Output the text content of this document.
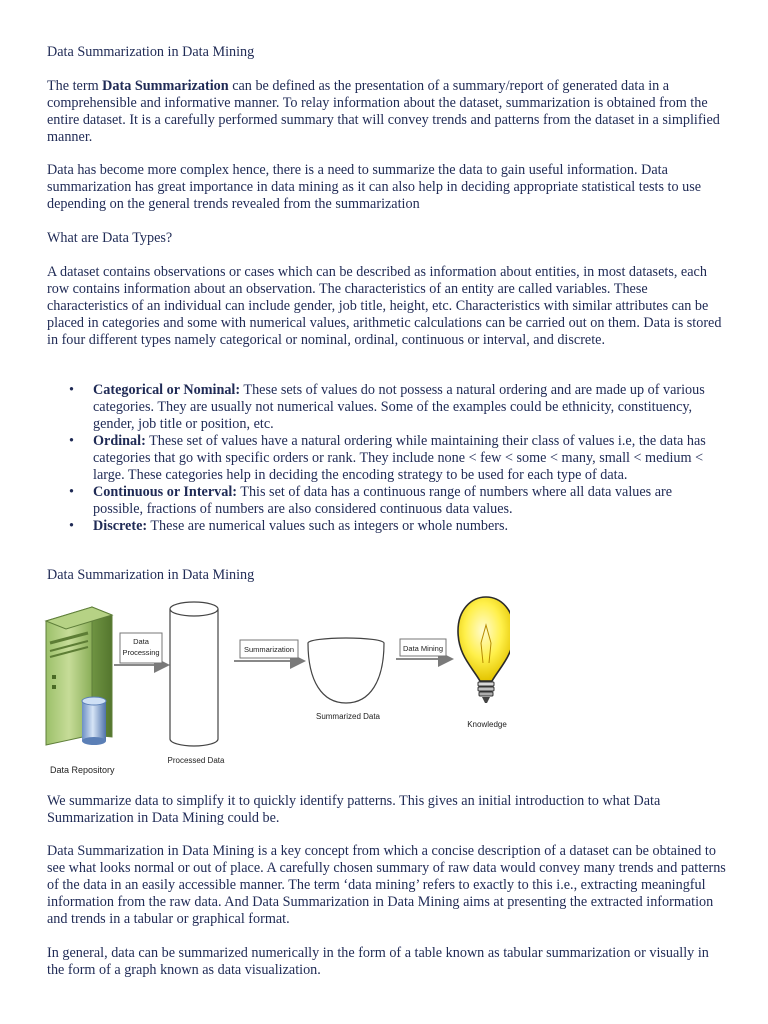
Data Summarization in Data Mining

The term Data Summarization can be defined as the presentation of a summary/report of generated data in a comprehensible and informative manner. To relay information about the dataset, summarization is obtained from the entire dataset. It is a carefully performed summary that will convey trends and patterns from the dataset in a simplified manner.

Data has become more complex hence, there is a need to summarize the data to gain useful information. Data summarization has great importance in data mining as it can also help in deciding appropriate statistical tests to use depending on the general trends revealed from the summarization

What are Data Types?

A dataset contains observations or cases which can be described as information about entities, in most datasets, each row contains information about an observation. The characteristics of an entity are called variables. These characteristics of an individual can include gender, job title, height, etc. Characteristics with similar attributes can be placed in categories and some with numerical values, arithmetic calculations can be carried out on them. Data is stored in four different types namely categorical or nominal, ordinal, continuous or interval, and discrete.

• Categorical or Nominal: These sets of values do not possess a natural ordering and are made up of various categories. They are usually not numerical values. Some of the examples could be ethnicity, constituency, gender, job title or position, etc.
• Ordinal: These set of values have a natural ordering while maintaining their class of values i.e, the data has categories that go with specific orders or rank. They include none < few < some < many, small < medium < large. These categories help in deciding the encoding strategy to be used for each type of data.
• Continuous or Interval: This set of data has a continuous range of numbers where all data values are possible, fractions of numbers are also considered continuous data values.
• Discrete: These are numerical values such as integers or whole numbers.

Data Summarization in Data Mining

Data Repository
Data
Processing
Processed Data
Summarization
Summarized Data
Data Mining
Knowledge

We summarize data to simplify it to quickly identify patterns. This gives an initial introduction to what Data Summarization in Data Mining could be.

Data Summarization in Data Mining is a key concept from which a concise description of a dataset can be obtained to see what looks normal or out of place. A carefully chosen summary of raw data would convey many trends and patterns of the data in an easily accessible manner. The term ‘data mining’ refers to exactly to this i.e., extracting meaningful information from the raw data. And Data Summarization in Data Mining aims at presenting the extracted information and trends in a tabular or graphical format.

In general, data can be summarized numerically in the form of a table known as tabular summarization or visually in the form of a graph known as data visualization.
